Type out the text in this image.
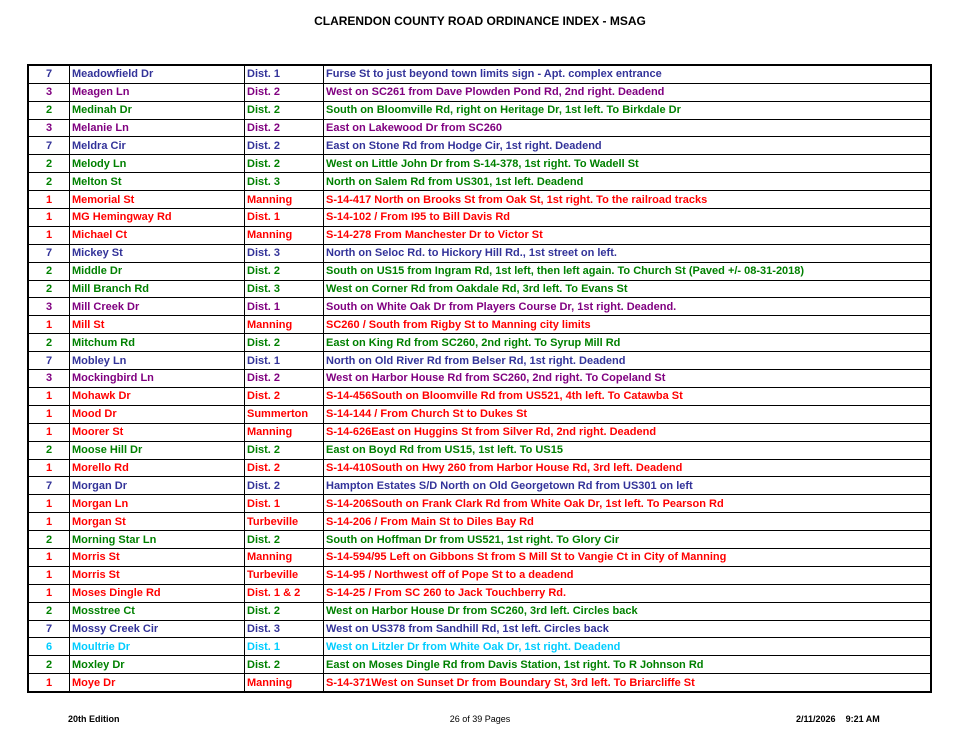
CLARENDON COUNTY ROAD ORDINANCE INDEX - MSAG
7	Meadowfield Dr	Dist. 1	Furse St to just beyond town limits sign - Apt. complex entrance
3	Meagen Ln	Dist. 2	West on SC261 from Dave Plowden Pond Rd, 2nd right. Deadend
2	Medinah Dr	Dist. 2	South on Bloomville Rd, right on Heritage Dr, 1st left. To Birkdale Dr
3	Melanie Ln	Dist. 2	East on Lakewood Dr from SC260
7	Meldra Cir	Dist. 2	East on Stone Rd from Hodge Cir, 1st right. Deadend
2	Melody Ln	Dist. 2	West on Little John Dr from S-14-378, 1st right. To Wadell St
2	Melton St	Dist. 3	North on Salem Rd from US301, 1st left. Deadend
1	Memorial St	Manning	S-14-417 North on Brooks St from Oak St, 1st right. To the railroad tracks
1	MG Hemingway Rd	Dist. 1	S-14-102 / From I95 to Bill Davis Rd
1	Michael Ct	Manning	S-14-278 From Manchester Dr to Victor St
7	Mickey St	Dist. 3	North on Seloc Rd. to Hickory Hill Rd., 1st street on left.
2	Middle Dr	Dist. 2	South on US15 from Ingram Rd, 1st left, then left again. To Church St (Paved +/- 08-31-2018)
2	Mill Branch Rd	Dist. 3	West on Corner Rd from Oakdale Rd, 3rd left. To Evans St
3	Mill Creek Dr	Dist. 1	South on White Oak Dr from Players Course Dr, 1st right. Deadend.
1	Mill St	Manning	SC260 / South from Rigby St to Manning city limits
2	Mitchum Rd	Dist. 2	East on King Rd from SC260, 2nd right. To Syrup Mill Rd
7	Mobley Ln	Dist. 1	North on Old River Rd from Belser Rd, 1st right. Deadend
3	Mockingbird Ln	Dist. 2	West on Harbor House Rd from SC260, 2nd right. To Copeland St
1	Mohawk Dr	Dist. 2	S-14-456South on Bloomville Rd from US521, 4th left. To Catawba St
1	Mood Dr	Summerton	S-14-144 / From Church St to Dukes St
1	Moorer St	Manning	S-14-626East on Huggins St from Silver Rd, 2nd right. Deadend
2	Moose Hill Dr	Dist. 2	East on Boyd Rd from US15, 1st left. To US15
1	Morello Rd	Dist. 2	S-14-410South on Hwy 260 from Harbor House Rd, 3rd left. Deadend
7	Morgan Dr	Dist. 2	Hampton Estates S/D North on Old Georgetown Rd from US301 on left
1	Morgan Ln	Dist. 1	S-14-206South on Frank Clark Rd from White Oak Dr, 1st left. To Pearson Rd
1	Morgan St	Turbeville	S-14-206 / From Main St to Diles Bay Rd
2	Morning Star Ln	Dist. 2	South on Hoffman Dr from US521, 1st right. To Glory Cir
1	Morris St	Manning	S-14-594/95 Left on Gibbons St from S Mill St to Vangie Ct in City of Manning
1	Morris St	Turbeville	S-14-95 / Northwest off of Pope St to a deadend
1	Moses Dingle Rd	Dist. 1 & 2	S-14-25 / From SC 260 to Jack Touchberry Rd.
2	Mosstree Ct	Dist. 2	West on Harbor House Dr from SC260, 3rd left. Circles back
7	Mossy Creek Cir	Dist. 3	West on US378 from Sandhill Rd, 1st left. Circles back
6	Moultrie Dr	Dist. 1	West on Litzler Dr from White Oak Dr, 1st right. Deadend
2	Moxley Dr	Dist. 2	East on Moses Dingle Rd from Davis Station, 1st right. To R Johnson Rd
1	Moye Dr	Manning	S-14-371West on Sunset Dr from Boundary St, 3rd left. To Briarcliffe St
20th Edition	26 of 39 Pages	2/11/2026 9:21 AM
